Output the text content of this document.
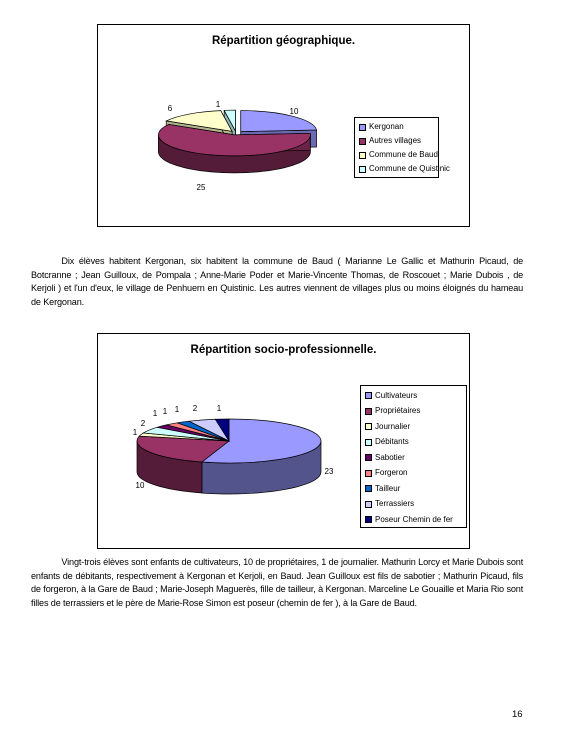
Répartition géographique.
10
25
6	1
Kergonan
Autres villages
Commune de Baud
Commune de Quistinic

Dix élèves habitent Kergonan, six habitent la commune de Baud ( Marianne Le Gallic et Mathurin Picaud, de Botcranne ; Jean Guilloux, de Pompala ; Anne-Marie Poder et Marie-Vincente Thomas, de Roscouet ; Marie Dubois , de Kerjoli ) et l'un d'eux, le village de Penhuern en Quistinic. Les autres viennent de villages plus ou moins éloignés du hameau de Kergonan.

Répartition socio-professionnelle.
23
10
1
2
1 1 1 2 1
Cultivateurs
Propriétaires
Journalier
Débitants
Sabotier
Forgeron
Tailleur
Terrassiers
Poseur Chemin de fer

Vingt-trois élèves sont enfants de cultivateurs, 10 de propriétaires, 1 de journalier. Mathurin Lorcy et Marie Dubois sont enfants de débitants, respectivement à Kergonan et Kerjoli, en Baud. Jean Guilloux est fils de sabotier ; Mathurin Picaud, fils de forgeron, à la Gare de Baud ; Marie-Joseph Maguerès, fille de tailleur, à Kergonan. Marceline Le Gouaille et Maria Rio sont filles de terrassiers et le père de Marie-Rose Simon est poseur (chemin de fer ), à la Gare de Baud.

16
